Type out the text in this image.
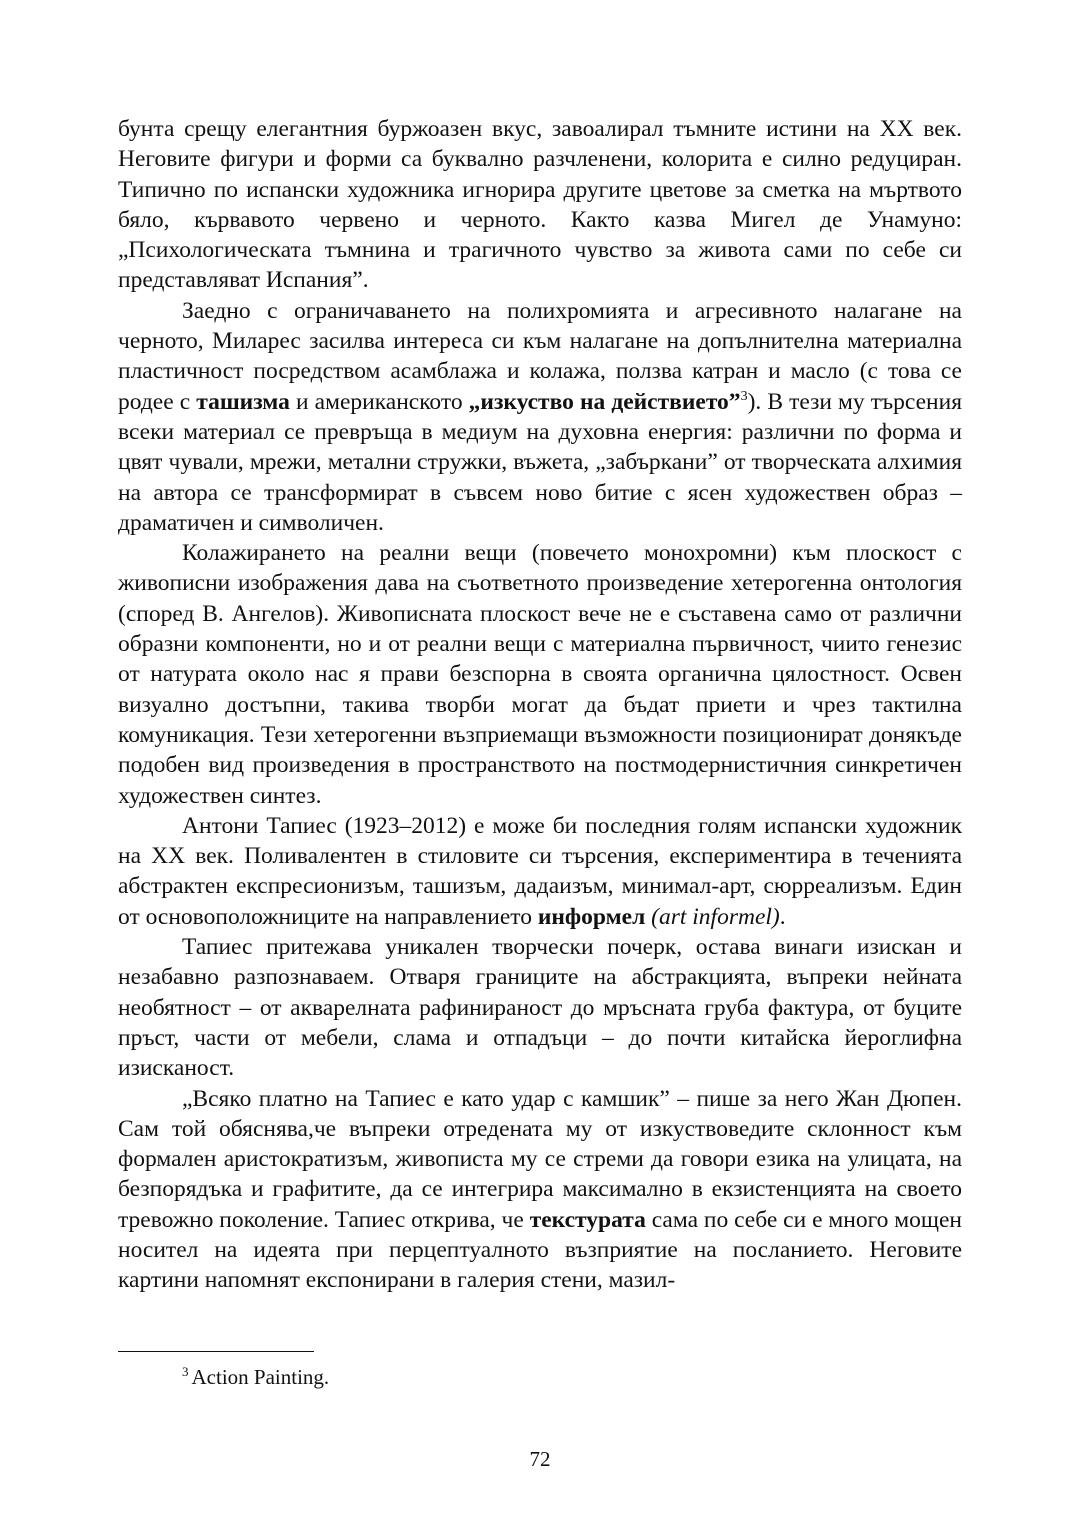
бунта срещу елегантния буржоазен вкус, завоалирал тъмните истини на XX век. Неговите фигури и форми са буквално разчленени, колорита е силно редуциран. Типично по испански художника игнорира другите цветове за сметка на мъртвото бяло, кървавото червено и черното. Както казва Мигел де Унамуно: „Психологическата тъмнина и трагичното чувство за живота сами по себе си представляват Испания”.

Заедно с ограничаването на полихромията и агресивното налагане на черното, Миларес засилва интереса си към налагане на допълнителна материална пластичност посредством асамблажа и колажа, ползва катран и масло (с това се родее с ташизма и американското „изкуство на действието”$^3$). В тези му търсения всеки материал се превръща в медиум на духовна енергия: различни по форма и цвят чували, мрежи, метални стружки, въжета, „забъркани” от творческата алхимия на автора се трансформират в съвсем ново битие с ясен художествен образ – драматичен и символичен.

Колажирането на реални вещи (повечето монохромни) към плоскост с живописни изображения дава на съответното произведение хетерогенна онтология (според В. Ангелов). Живописната плоскост вече не е съставена само от различни образни компоненти, но и от реални вещи с материална първичност, чиито генезис от натурата около нас я прави безспорна в своята органична цялостност. Освен визуално достъпни, такива творби могат да бъдат приети и чрез тактилна комуникация. Тези хетерогенни възприемащи възможности позиционират донякъде подобен вид произведения в пространството на постмодернистичния синкретичен художествен синтез.

Антони Тапиес (1923–2012) е може би последния голям испански художник на XX век. Поливалентен в стиловите си търсения, експериментира в теченията абстрактен експресионизъм, ташизъм, дадаизъм, минимал-арт, сюрреализъм. Един от основоположниците на направлението информел (art informel).

Тапиес притежава уникален творчески почерк, остава винаги изискан и незабавно разпознаваем. Отваря границите на абстракцията, въпреки нейната необятност – от акварелната рафинираност до мръсната груба фактура, от буците пръст, части от мебели, слама и отпадъци – до почти китайска йероглифна изисканост.

„Всяко платно на Тапиес е като удар с камшик” – пише за него Жан Дюпен. Сам той обяснява,че въпреки отредената му от изкуствоведите склонност към формален аристократизъм, живописта му се стреми да говори езика на улицата, на безпорядъка и графитите, да се интегрира максимално в екзистенцията на своето тревожно поколение. Тапиес открива, че текстурата сама по себе си е много мощен носител на идеята при перцептуалното възприятие на посланието. Неговите картини напомнят експонирани в галерия стени, мазил-

$^3$ Action Painting.
72
